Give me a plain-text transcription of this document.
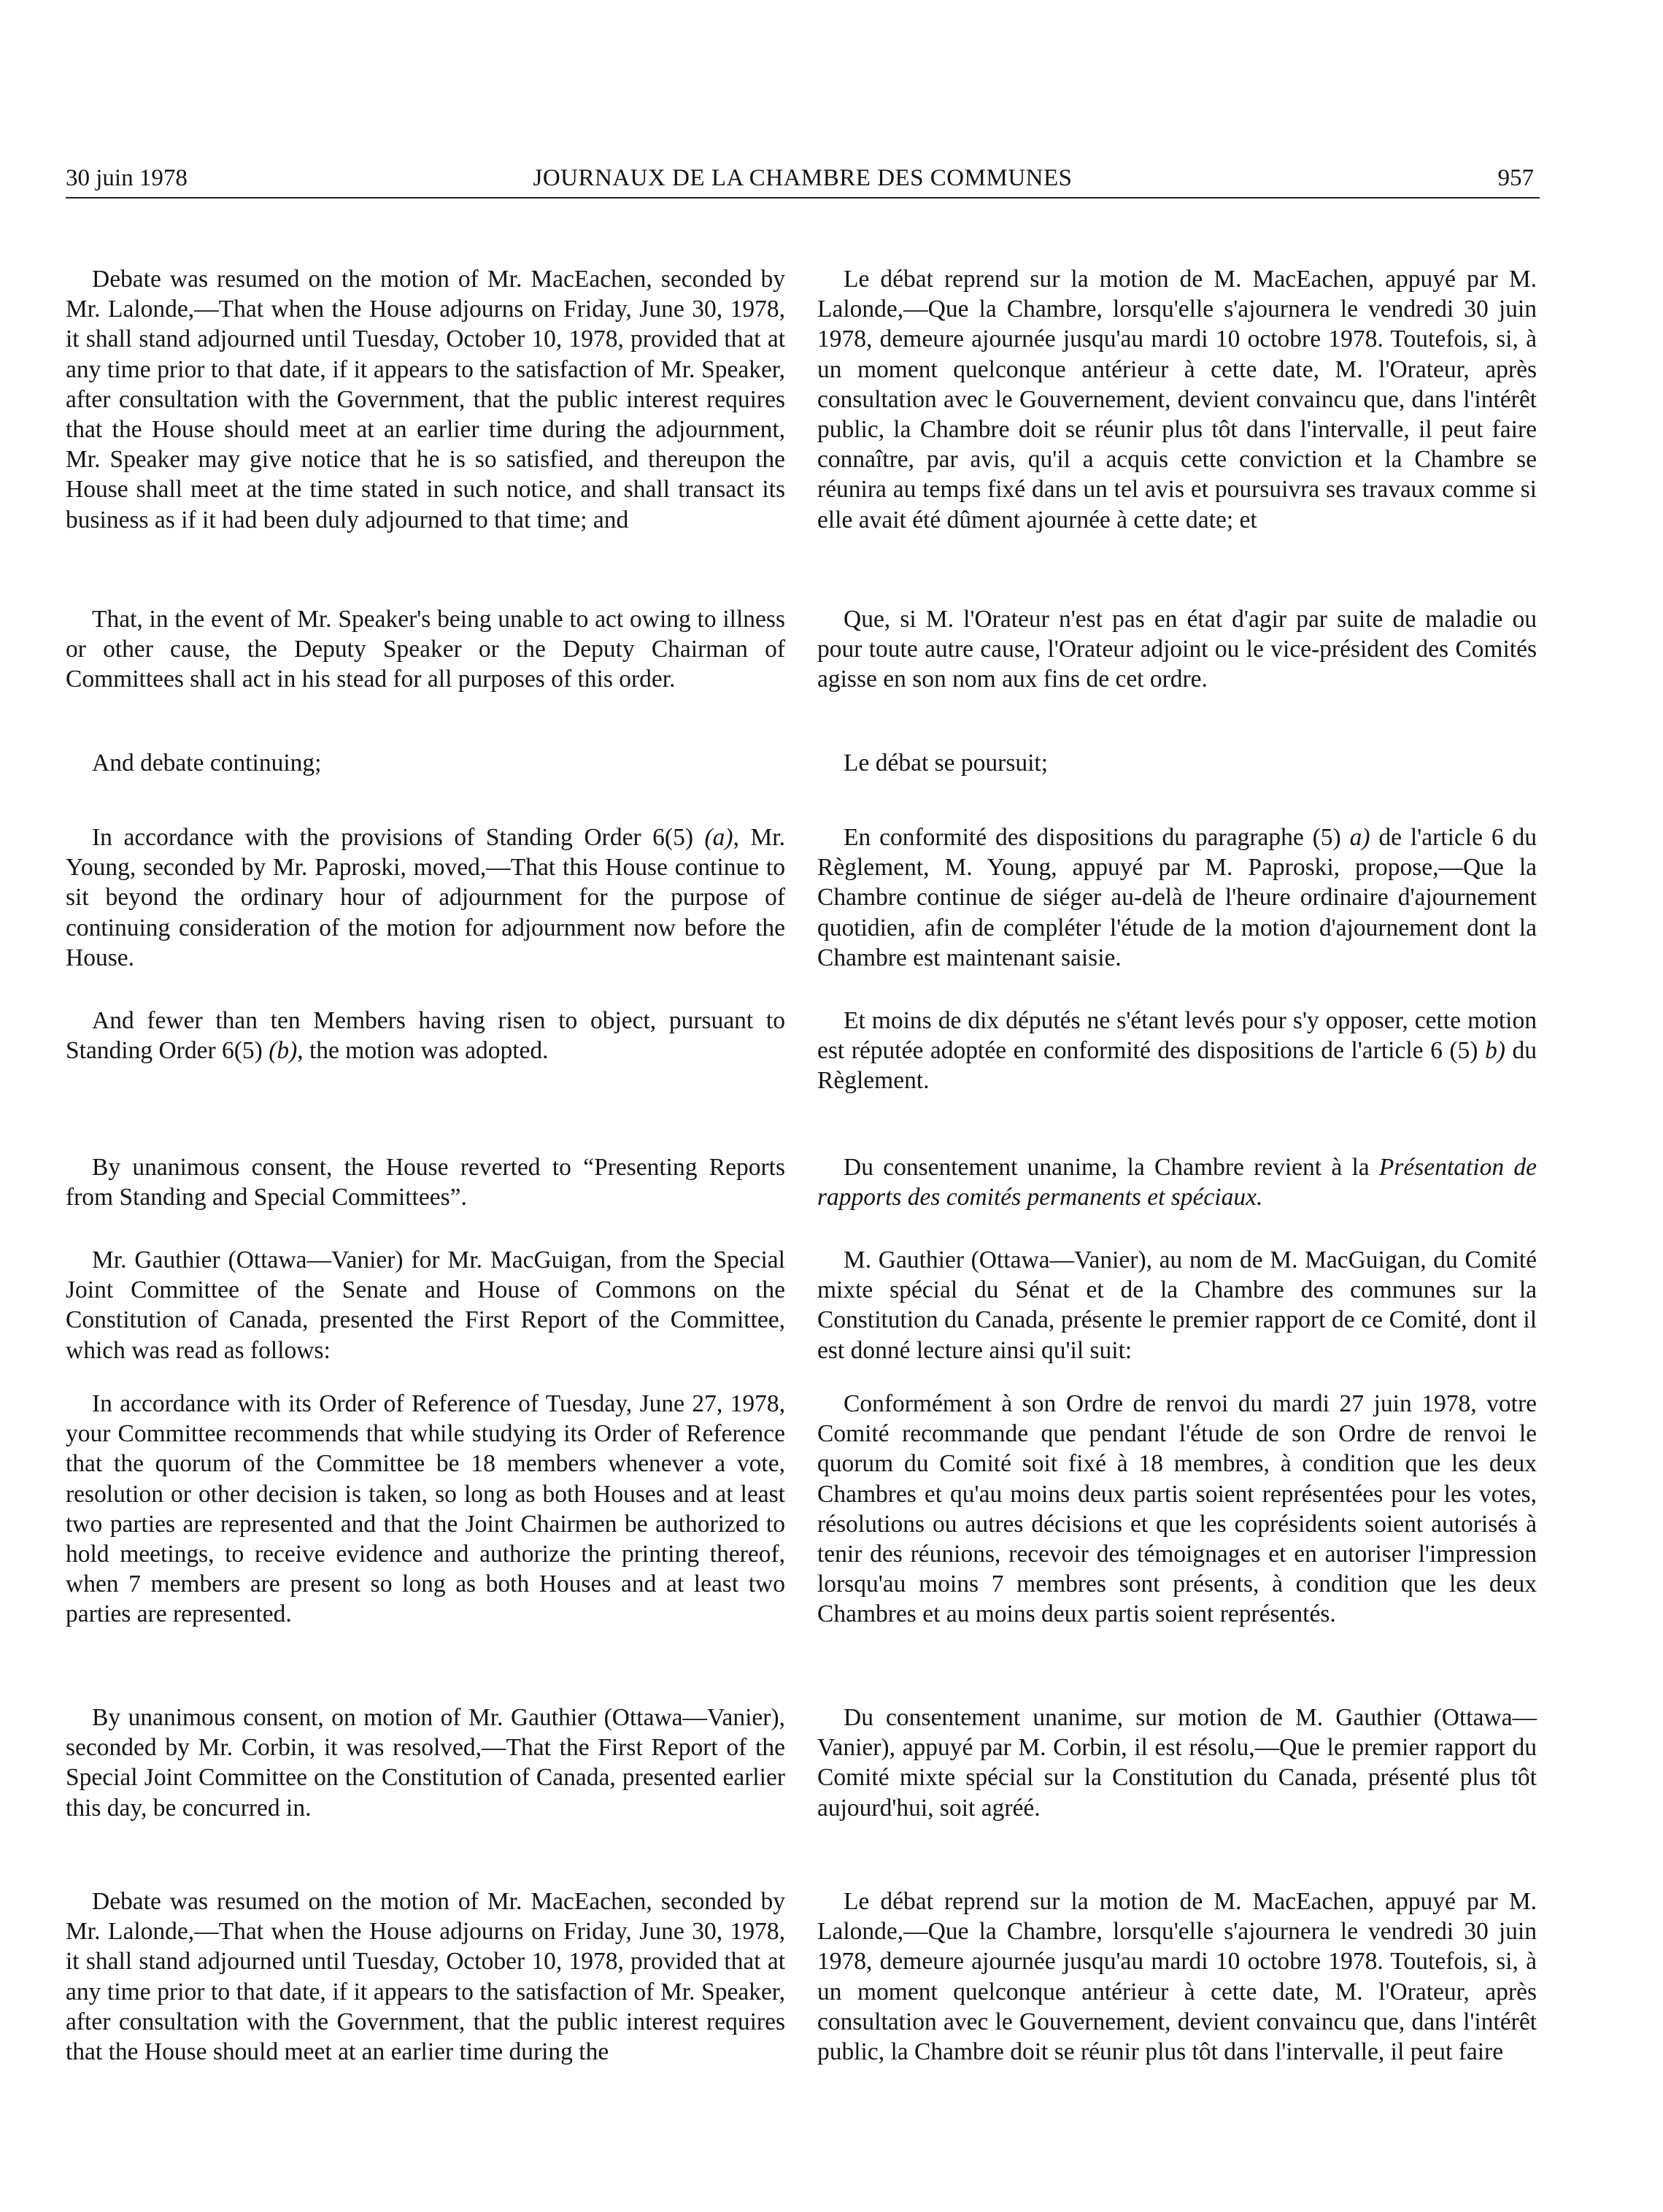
30 juin 1978	JOURNAUX DE LA CHAMBRE DES COMMUNES	957

Debate was resumed on the motion of Mr. MacEachen, seconded by Mr. Lalonde,—That when the House adjourns on Friday, June 30, 1978, it shall stand adjourned until Tuesday, October 10, 1978, provided that at any time prior to that date, if it appears to the satisfaction of Mr. Speaker, after consultation with the Government, that the public interest requires that the House should meet at an earlier time during the adjournment, Mr. Speaker may give notice that he is so satisfied, and thereupon the House shall meet at the time stated in such notice, and shall transact its business as if it had been duly adjourned to that time; and

That, in the event of Mr. Speaker's being unable to act owing to illness or other cause, the Deputy Speaker or the Deputy Chairman of Committees shall act in his stead for all purposes of this order.

And debate continuing;

In accordance with the provisions of Standing Order 6(5) (a), Mr. Young, seconded by Mr. Paproski, moved,—That this House continue to sit beyond the ordinary hour of adjournment for the purpose of continuing consideration of the motion for adjournment now before the House.

And fewer than ten Members having risen to object, pursuant to Standing Order 6(5) (b), the motion was adopted.

By unanimous consent, the House reverted to “Presenting Reports from Standing and Special Committees”.

Mr. Gauthier (Ottawa—Vanier) for Mr. MacGuigan, from the Special Joint Committee of the Senate and House of Commons on the Constitution of Canada, presented the First Report of the Committee, which was read as follows:

In accordance with its Order of Reference of Tuesday, June 27, 1978, your Committee recommends that while studying its Order of Reference that the quorum of the Committee be 18 members whenever a vote, resolution or other decision is taken, so long as both Houses and at least two parties are represented and that the Joint Chairmen be authorized to hold meetings, to receive evidence and authorize the printing thereof, when 7 members are present so long as both Houses and at least two parties are represented.

By unanimous consent, on motion of Mr. Gauthier (Ottawa—Vanier), seconded by Mr. Corbin, it was resolved,—That the First Report of the Special Joint Committee on the Constitution of Canada, presented earlier this day, be concurred in.

Debate was resumed on the motion of Mr. MacEachen, seconded by Mr. Lalonde,—That when the House adjourns on Friday, June 30, 1978, it shall stand adjourned until Tuesday, October 10, 1978, provided that at any time prior to that date, if it appears to the satisfaction of Mr. Speaker, after consultation with the Government, that the public interest requires that the House should meet at an earlier time during the

Le débat reprend sur la motion de M. MacEachen, appuyé par M. Lalonde,—Que la Chambre, lorsqu'elle s'ajournera le vendredi 30 juin 1978, demeure ajournée jusqu'au mardi 10 octobre 1978. Toutefois, si, à un moment quelconque antérieur à cette date, M. l'Orateur, après consultation avec le Gouvernement, devient convaincu que, dans l'intérêt public, la Chambre doit se réunir plus tôt dans l'intervalle, il peut faire connaître, par avis, qu'il a acquis cette conviction et la Chambre se réunira au temps fixé dans un tel avis et poursuivra ses travaux comme si elle avait été dûment ajournée à cette date; et

Que, si M. l'Orateur n'est pas en état d'agir par suite de maladie ou pour toute autre cause, l'Orateur adjoint ou le vice-président des Comités agisse en son nom aux fins de cet ordre.

Le débat se poursuit;

En conformité des dispositions du paragraphe (5) a) de l'article 6 du Règlement, M. Young, appuyé par M. Paproski, propose,—Que la Chambre continue de siéger au-delà de l'heure ordinaire d'ajournement quotidien, afin de compléter l'étude de la motion d'ajournement dont la Chambre est maintenant saisie.

Et moins de dix députés ne s'étant levés pour s'y opposer, cette motion est réputée adoptée en conformité des dispositions de l'article 6 (5) b) du Règlement.

Du consentement unanime, la Chambre revient à la Présentation de rapports des comités permanents et spéciaux.

M. Gauthier (Ottawa—Vanier), au nom de M. MacGuigan, du Comité mixte spécial du Sénat et de la Chambre des communes sur la Constitution du Canada, présente le premier rapport de ce Comité, dont il est donné lecture ainsi qu'il suit:

Conformément à son Ordre de renvoi du mardi 27 juin 1978, votre Comité recommande que pendant l'étude de son Ordre de renvoi le quorum du Comité soit fixé à 18 membres, à condition que les deux Chambres et qu'au moins deux partis soient représentées pour les votes, résolutions ou autres décisions et que les coprésidents soient autorisés à tenir des réunions, recevoir des témoignages et en autoriser l'impression lorsqu'au moins 7 membres sont présents, à condition que les deux Chambres et au moins deux partis soient représentés.

Du consentement unanime, sur motion de M. Gauthier (Ottawa—Vanier), appuyé par M. Corbin, il est résolu,—Que le premier rapport du Comité mixte spécial sur la Constitution du Canada, présenté plus tôt aujourd'hui, soit agréé.

Le débat reprend sur la motion de M. MacEachen, appuyé par M. Lalonde,—Que la Chambre, lorsqu'elle s'ajournera le vendredi 30 juin 1978, demeure ajournée jusqu'au mardi 10 octobre 1978. Toutefois, si, à un moment quelconque antérieur à cette date, M. l'Orateur, après consultation avec le Gouvernement, devient convaincu que, dans l'intérêt public, la Chambre doit se réunir plus tôt dans l'intervalle, il peut faire
